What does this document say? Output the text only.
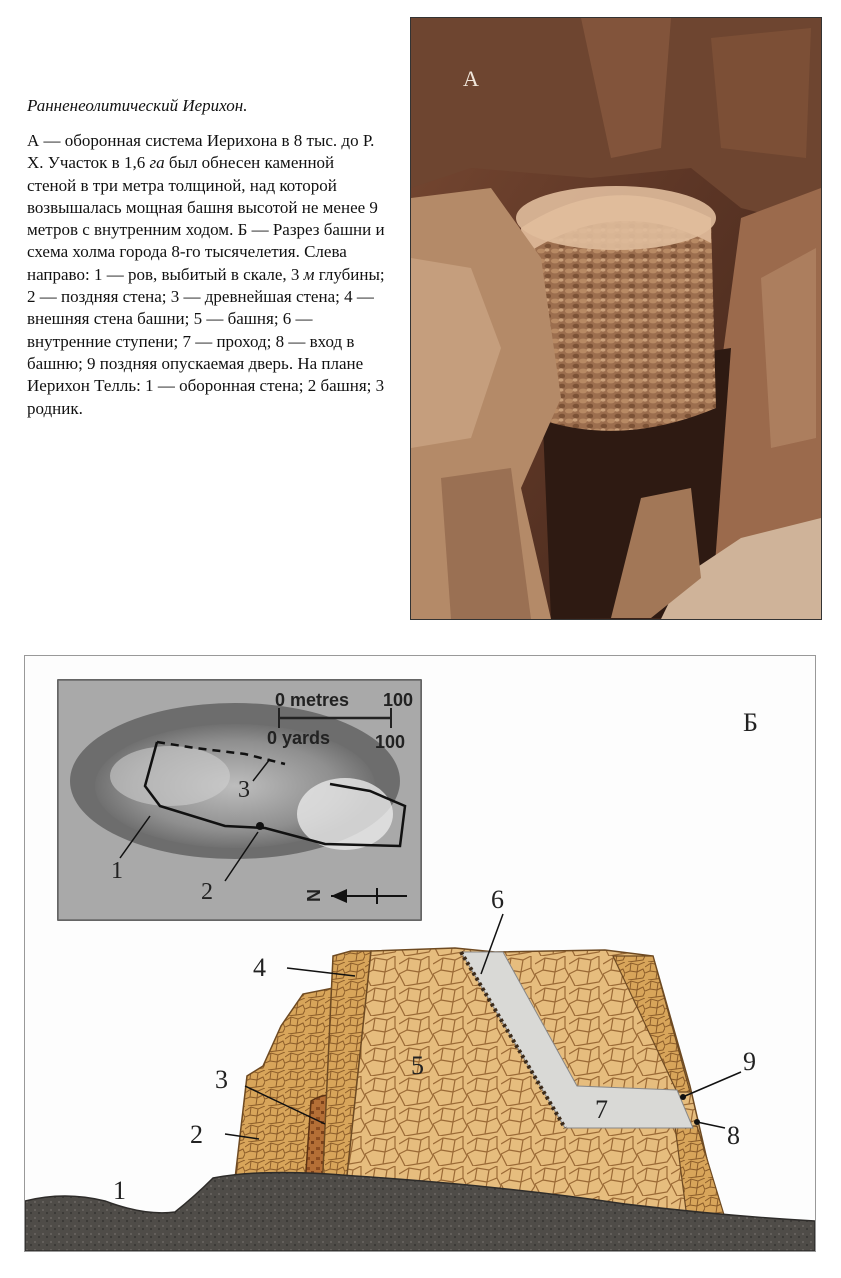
Ранненеолитический Иерихон.

А — оборонная система Иерихона в 8 тыс. до Р. Х. Участок в 1,6 га был обнесен каменной стеной в три метра толщиной, над которой возвышалась мощная башня высотой не менее 9 метров с внутренним ходом. Б — Разрез башни и схема холма города 8-го тысячелетия. Слева направо: 1 — ров, выбитый в скале, 3 м глубины; 2 — поздняя стена; 3 — древнейшая стена; 4 — внешняя стена башни; 5 — башня; 6 — внутренние ступени; 7 — проход; 8 — вход в башню; 9 поздняя опускаемая дверь. На плане Иерихон Телль: 1 — оборонная стена; 2 башня; 3 родник.

А
1
2
3
0 metres 100
0 yards 100
N
Б
1
2
3
4
5
6
7
8
9
